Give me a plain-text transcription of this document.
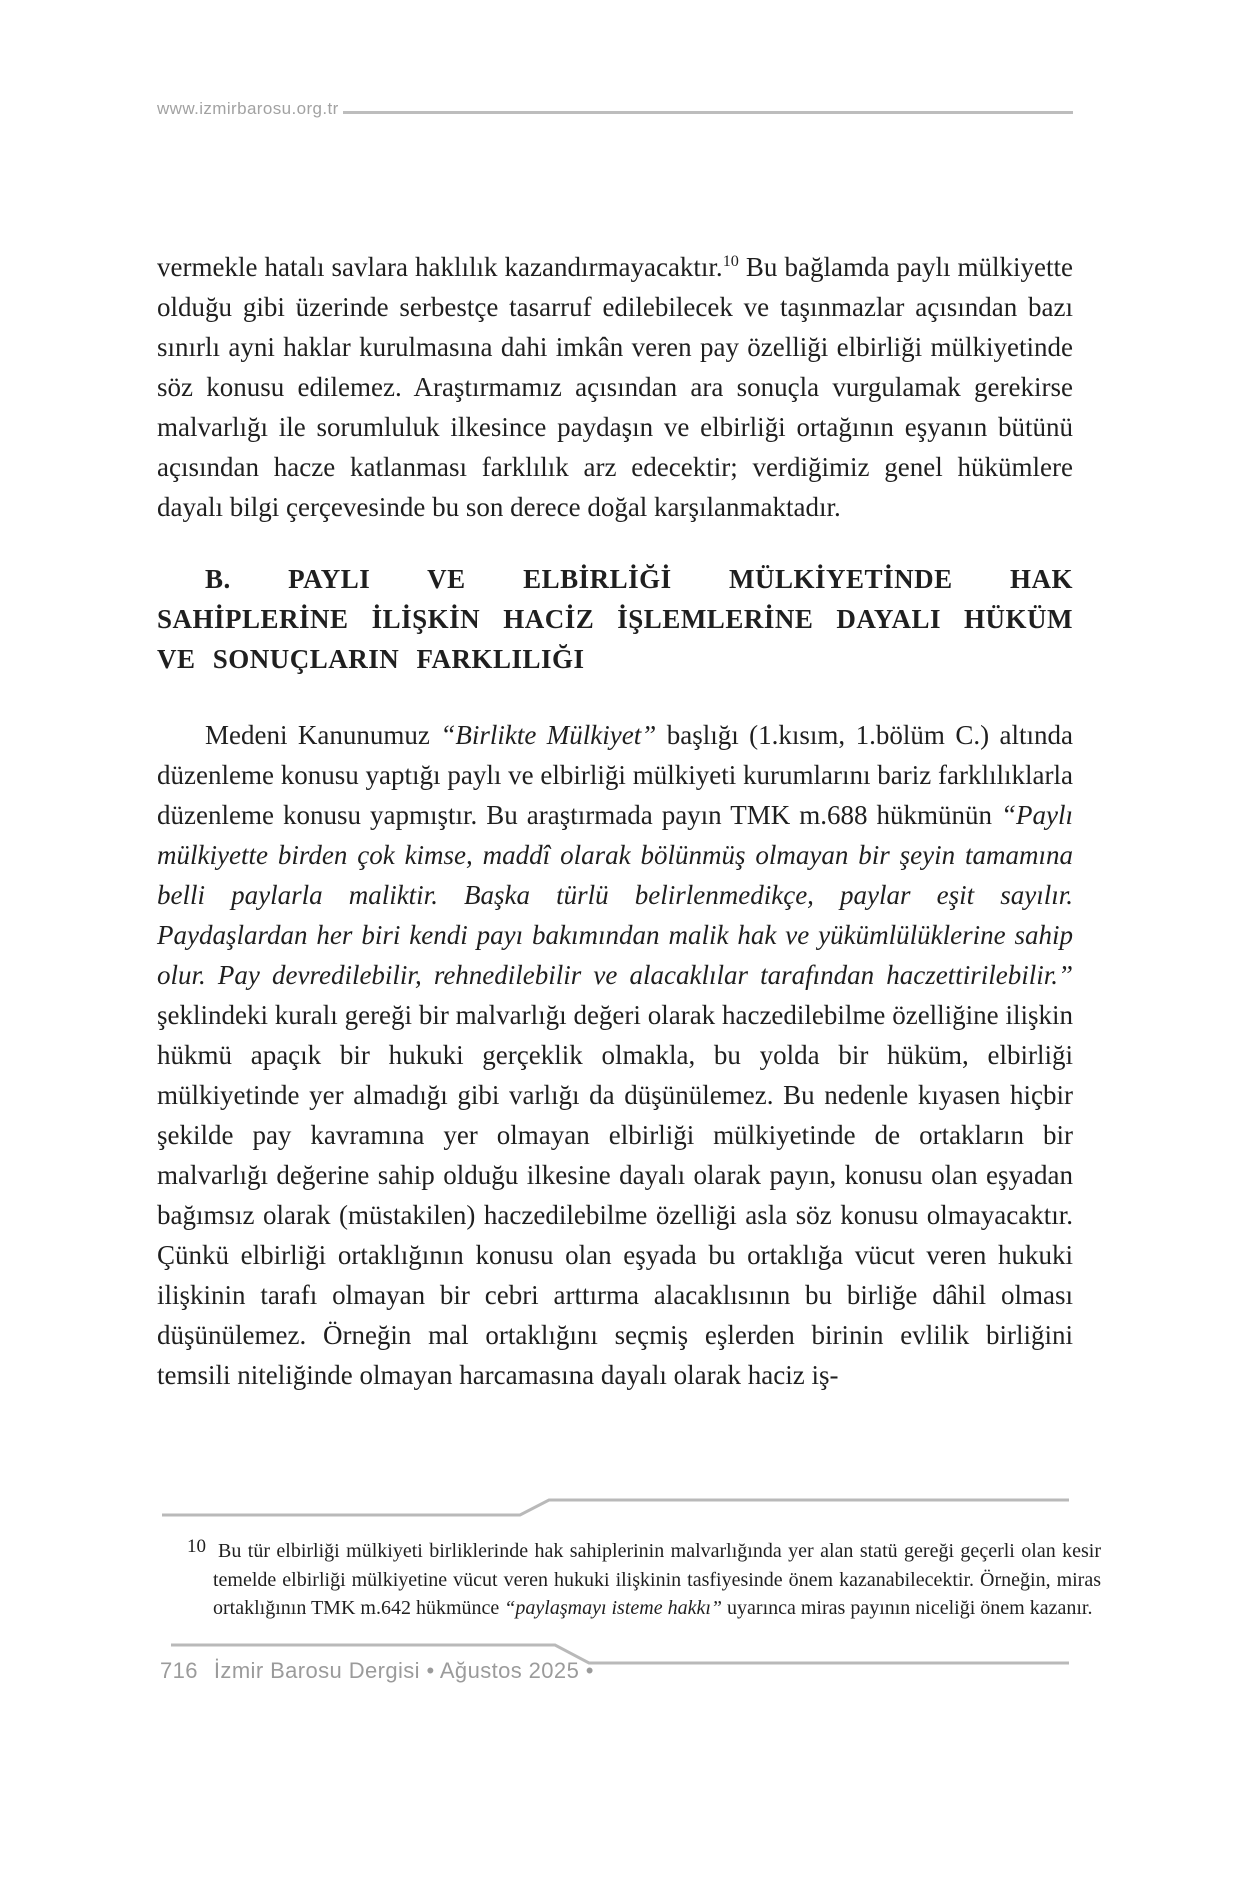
www.izmirbarosu.org.tr

vermekle hatalı savlara haklılık kazandırmayacaktır.$^{10}$ Bu bağlamda paylı mülkiyette olduğu gibi üzerinde serbestçe tasarruf edilebilecek ve taşınmazlar açısından bazı sınırlı ayni haklar kurulmasına dahi imkân veren pay özelliği elbirliği mülkiyetinde söz konusu edilemez. Araştırmamız açısından ara sonuçla vurgulamak gerekirse malvarlığı ile sorumluluk ilkesince paydaşın ve elbirliği ortağının eşyanın bütünü açısından hacze katlanması farklılık arz edecektir; verdiğimiz genel hükümlere dayalı bilgi çerçevesinde bu son derece doğal karşılanmaktadır.

B. PAYLI VE ELBİRLİĞİ MÜLKİYETİNDE HAK SAHİPLERİNE İLİŞKİN HACİZ İŞLEMLERİNE DAYALI HÜKÜM VE SONUÇLARIN FARKLILIĞI

Medeni Kanunumuz “Birlikte Mülkiyet” başlığı (1.kısım, 1.bölüm C.) altında düzenleme konusu yaptığı paylı ve elbirliği mülkiyeti kurumlarını bariz farklılıklarla düzenleme konusu yapmıştır. Bu araştırmada payın TMK m.688 hükmünün “Paylı mülkiyette birden çok kimse, maddî olarak bölünmüş olmayan bir şeyin tamamına belli paylarla maliktir. Başka türlü belirlenmedikçe, paylar eşit sayılır. Paydaşlardan her biri kendi payı bakımından malik hak ve yükümlülüklerine sahip olur. Pay devredilebilir, rehnedilebilir ve alacaklılar tarafından haczettirilebilir.” şeklindeki kuralı gereği bir malvarlığı değeri olarak haczedilebilme özelliğine ilişkin hükmü apaçık bir hukuki gerçeklik olmakla, bu yolda bir hüküm, elbirliği mülkiyetinde yer almadığı gibi varlığı da düşünülemez. Bu nedenle kıyasen hiçbir şekilde pay kavramına yer olmayan elbirliği mülkiyetinde de ortakların bir malvarlığı değerine sahip olduğu ilkesine dayalı olarak payın, konusu olan eşyadan bağımsız olarak (müstakilen) haczedilebilme özelliği asla söz konusu olmayacaktır. Çünkü elbirliği ortaklığının konusu olan eşyada bu ortaklığa vücut veren hukuki ilişkinin tarafı olmayan bir cebri arttırma alacaklısının bu birliğe dâhil olması düşünülemez. Örneğin mal ortaklığını seçmiş eşlerden birinin evlilik birliğini temsili niteliğinde olmayan harcamasına dayalı olarak haciz iş-

10 Bu tür elbirliği mülkiyeti birliklerinde hak sahiplerinin malvarlığında yer alan statü gereği geçerli olan kesir temelde elbirliği mülkiyetine vücut veren hukuki ilişkinin tasfiyesinde önem kazanabilecektir. Örneğin, miras ortaklığının TMK m.642 hükmünce “paylaşmayı isteme hakkı” uyarınca miras payının niceliği önem kazanır.
716 İzmir Barosu Dergisi • Ağustos 2025 •
